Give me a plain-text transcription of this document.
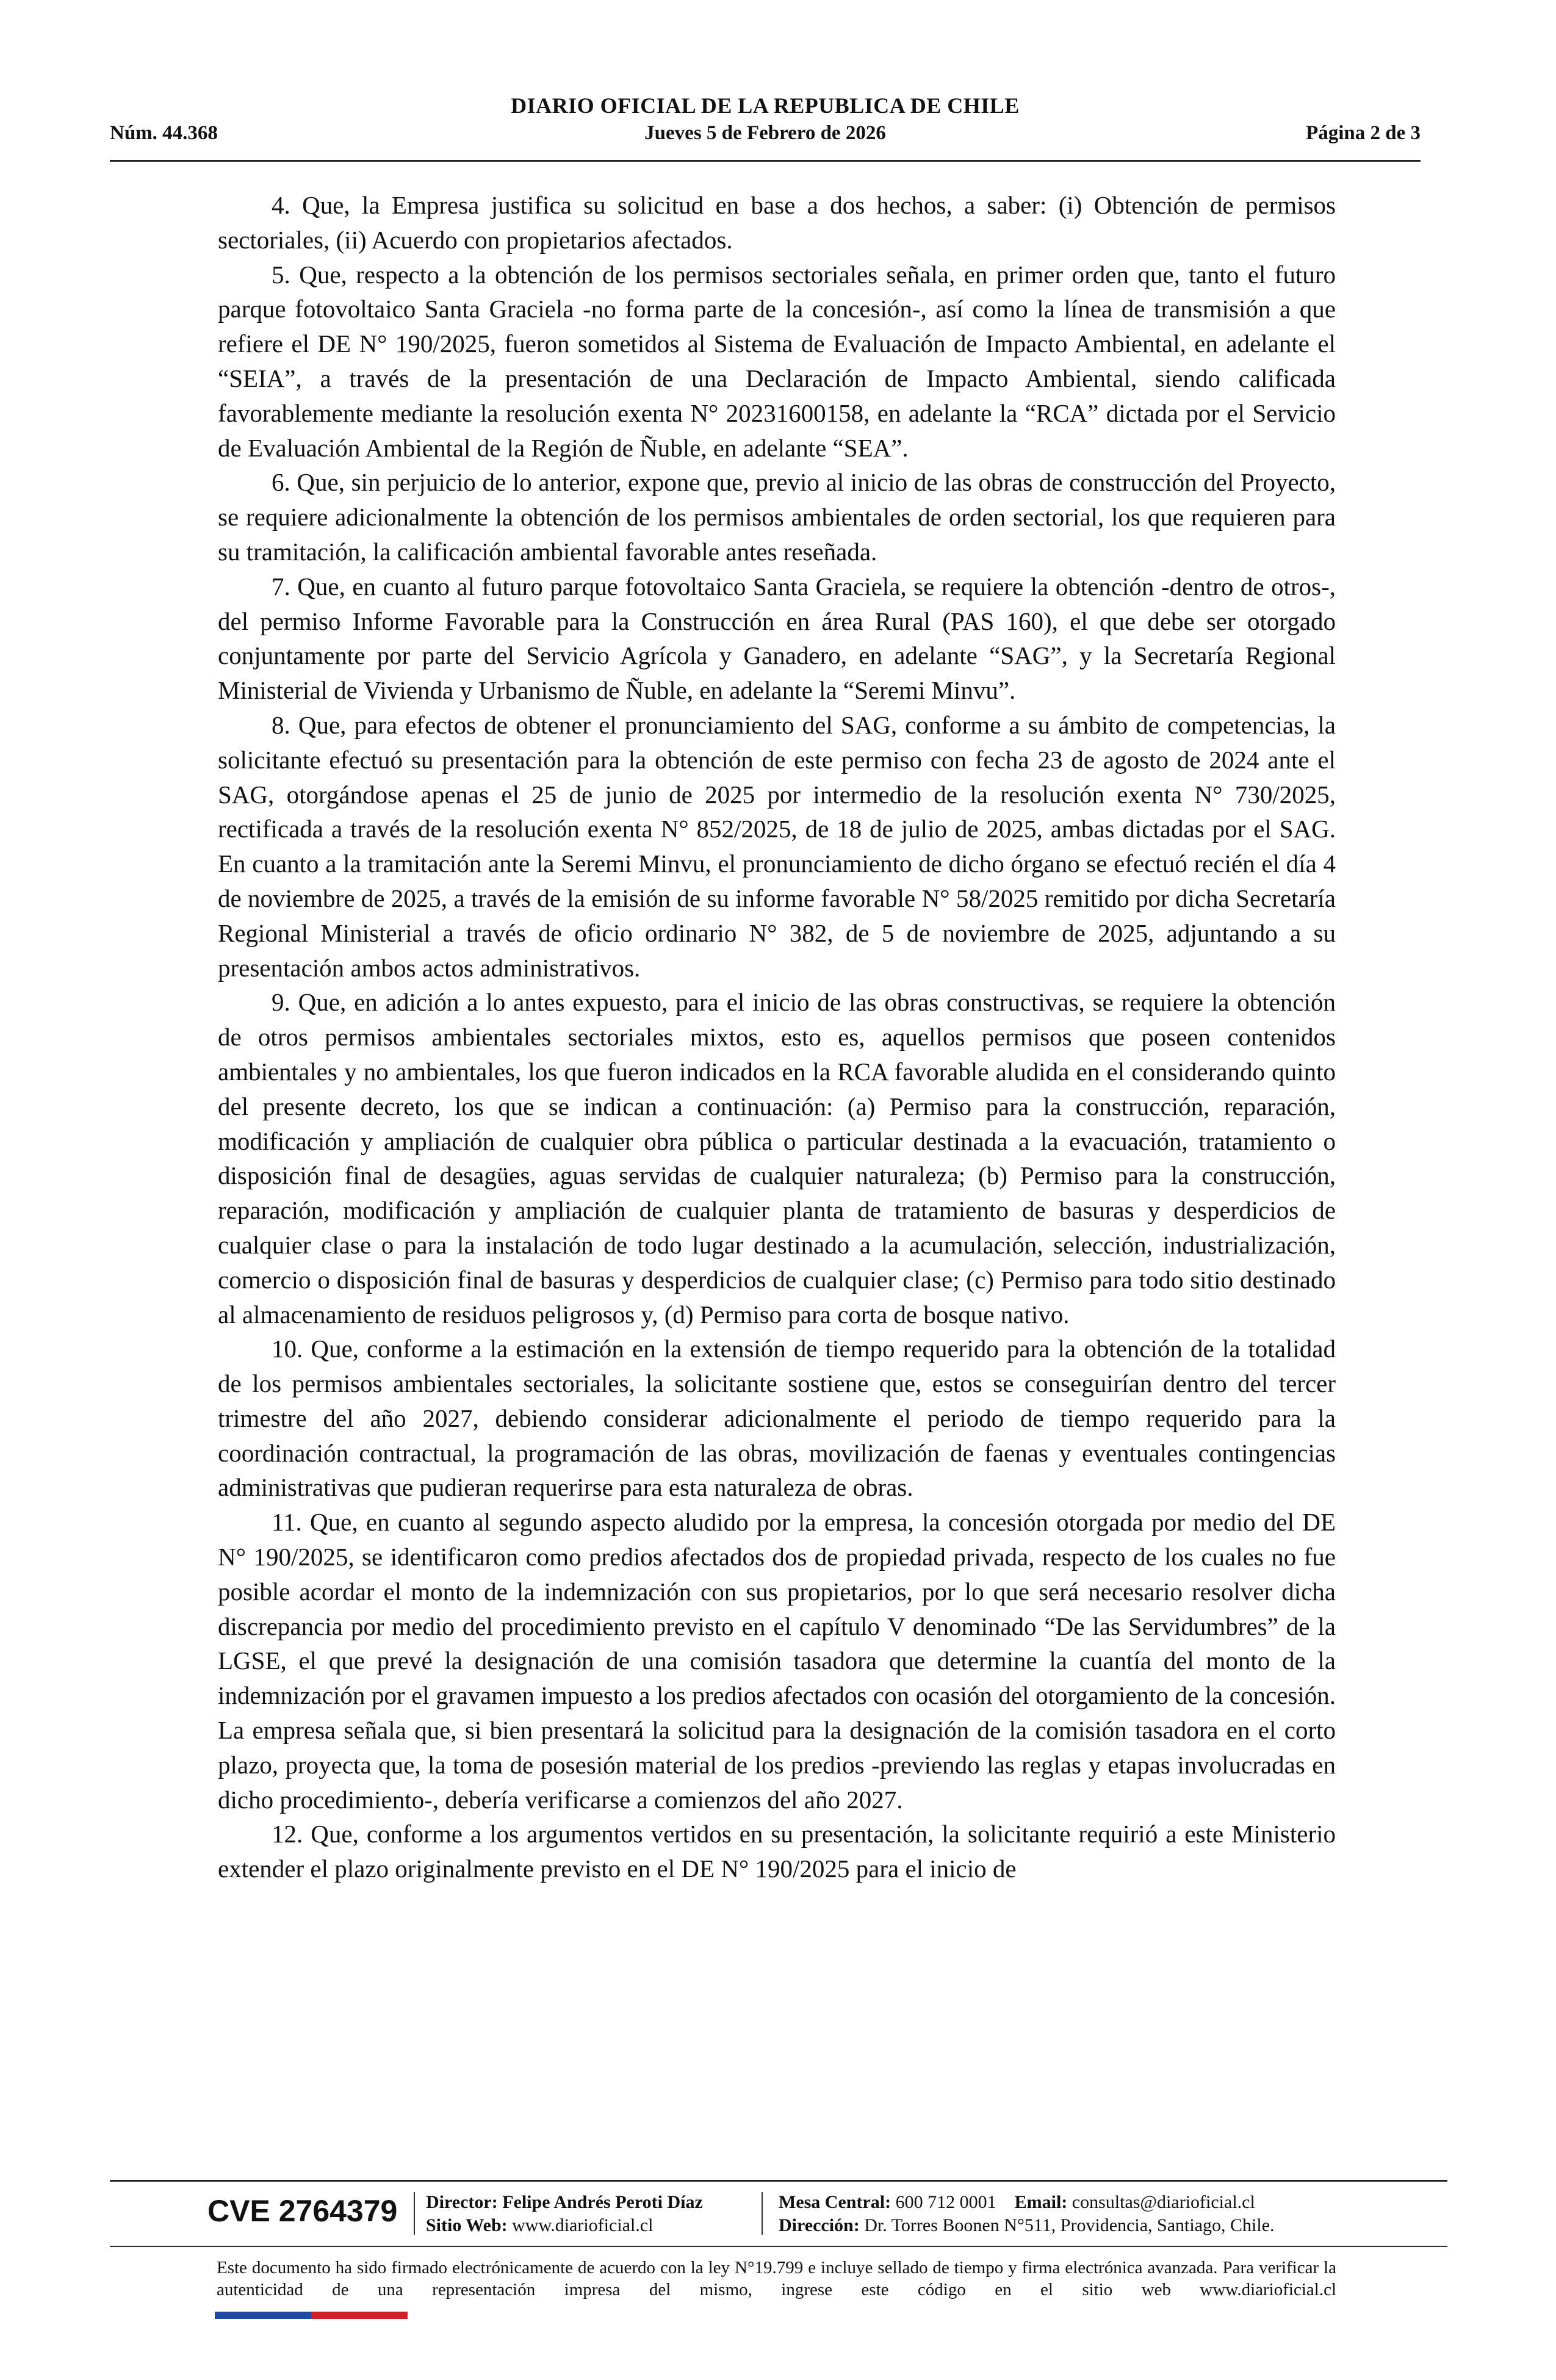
DIARIO OFICIAL DE LA REPUBLICA DE CHILE
Núm. 44.368	Jueves 5 de Febrero de 2026	Página 2 de 3

4. Que, la Empresa justifica su solicitud en base a dos hechos, a saber: (i) Obtención de permisos sectoriales, (ii) Acuerdo con propietarios afectados.

5. Que, respecto a la obtención de los permisos sectoriales señala, en primer orden que, tanto el futuro parque fotovoltaico Santa Graciela -no forma parte de la concesión-, así como la línea de transmisión a que refiere el DE N° 190/2025, fueron sometidos al Sistema de Evaluación de Impacto Ambiental, en adelante el “SEIA”, a través de la presentación de una Declaración de Impacto Ambiental, siendo calificada favorablemente mediante la resolución exenta N° 20231600158, en adelante la “RCA” dictada por el Servicio de Evaluación Ambiental de la Región de Ñuble, en adelante “SEA”.

6. Que, sin perjuicio de lo anterior, expone que, previo al inicio de las obras de construcción del Proyecto, se requiere adicionalmente la obtención de los permisos ambientales de orden sectorial, los que requieren para su tramitación, la calificación ambiental favorable antes reseñada.

7. Que, en cuanto al futuro parque fotovoltaico Santa Graciela, se requiere la obtención -dentro de otros-, del permiso Informe Favorable para la Construcción en área Rural (PAS 160), el que debe ser otorgado conjuntamente por parte del Servicio Agrícola y Ganadero, en adelante “SAG”, y la Secretaría Regional Ministerial de Vivienda y Urbanismo de Ñuble, en adelante la “Seremi Minvu”.

8. Que, para efectos de obtener el pronunciamiento del SAG, conforme a su ámbito de competencias, la solicitante efectuó su presentación para la obtención de este permiso con fecha 23 de agosto de 2024 ante el SAG, otorgándose apenas el 25 de junio de 2025 por intermedio de la resolución exenta N° 730/2025, rectificada a través de la resolución exenta N° 852/2025, de 18 de julio de 2025, ambas dictadas por el SAG. En cuanto a la tramitación ante la Seremi Minvu, el pronunciamiento de dicho órgano se efectuó recién el día 4 de noviembre de 2025, a través de la emisión de su informe favorable N° 58/2025 remitido por dicha Secretaría Regional Ministerial a través de oficio ordinario N° 382, de 5 de noviembre de 2025, adjuntando a su presentación ambos actos administrativos.

9. Que, en adición a lo antes expuesto, para el inicio de las obras constructivas, se requiere la obtención de otros permisos ambientales sectoriales mixtos, esto es, aquellos permisos que poseen contenidos ambientales y no ambientales, los que fueron indicados en la RCA favorable aludida en el considerando quinto del presente decreto, los que se indican a continuación: (a) Permiso para la construcción, reparación, modificación y ampliación de cualquier obra pública o particular destinada a la evacuación, tratamiento o disposición final de desagües, aguas servidas de cualquier naturaleza; (b) Permiso para la construcción, reparación, modificación y ampliación de cualquier planta de tratamiento de basuras y desperdicios de cualquier clase o para la instalación de todo lugar destinado a la acumulación, selección, industrialización, comercio o disposición final de basuras y desperdicios de cualquier clase; (c) Permiso para todo sitio destinado al almacenamiento de residuos peligrosos y, (d) Permiso para corta de bosque nativo.

10. Que, conforme a la estimación en la extensión de tiempo requerido para la obtención de la totalidad de los permisos ambientales sectoriales, la solicitante sostiene que, estos se conseguirían dentro del tercer trimestre del año 2027, debiendo considerar adicionalmente el periodo de tiempo requerido para la coordinación contractual, la programación de las obras, movilización de faenas y eventuales contingencias administrativas que pudieran requerirse para esta naturaleza de obras.

11. Que, en cuanto al segundo aspecto aludido por la empresa, la concesión otorgada por medio del DE N° 190/2025, se identificaron como predios afectados dos de propiedad privada, respecto de los cuales no fue posible acordar el monto de la indemnización con sus propietarios, por lo que será necesario resolver dicha discrepancia por medio del procedimiento previsto en el capítulo V denominado “De las Servidumbres” de la LGSE, el que prevé la designación de una comisión tasadora que determine la cuantía del monto de la indemnización por el gravamen impuesto a los predios afectados con ocasión del otorgamiento de la concesión. La empresa señala que, si bien presentará la solicitud para la designación de la comisión tasadora en el corto plazo, proyecta que, la toma de posesión material de los predios -previendo las reglas y etapas involucradas en dicho procedimiento-, debería verificarse a comienzos del año 2027.

12. Que, conforme a los argumentos vertidos en su presentación, la solicitante requirió a este Ministerio extender el plazo originalmente previsto en el DE N° 190/2025 para el inicio de

CVE 2764379 Director: Felipe Andrés Peroti Díaz
Sitio Web: www.diarioficial.cl
Mesa Central: 600 712 0001 Email: consultas@diarioficial.cl
Dirección: Dr. Torres Boonen N°511, Providencia, Santiago, Chile.
Este documento ha sido firmado electrónicamente de acuerdo con la ley N°19.799 e incluye sellado de tiempo y firma electrónica avanzada. Para verificar la autenticidad de una representación impresa del mismo, ingrese este código en el sitio web www.diarioficial.cl
